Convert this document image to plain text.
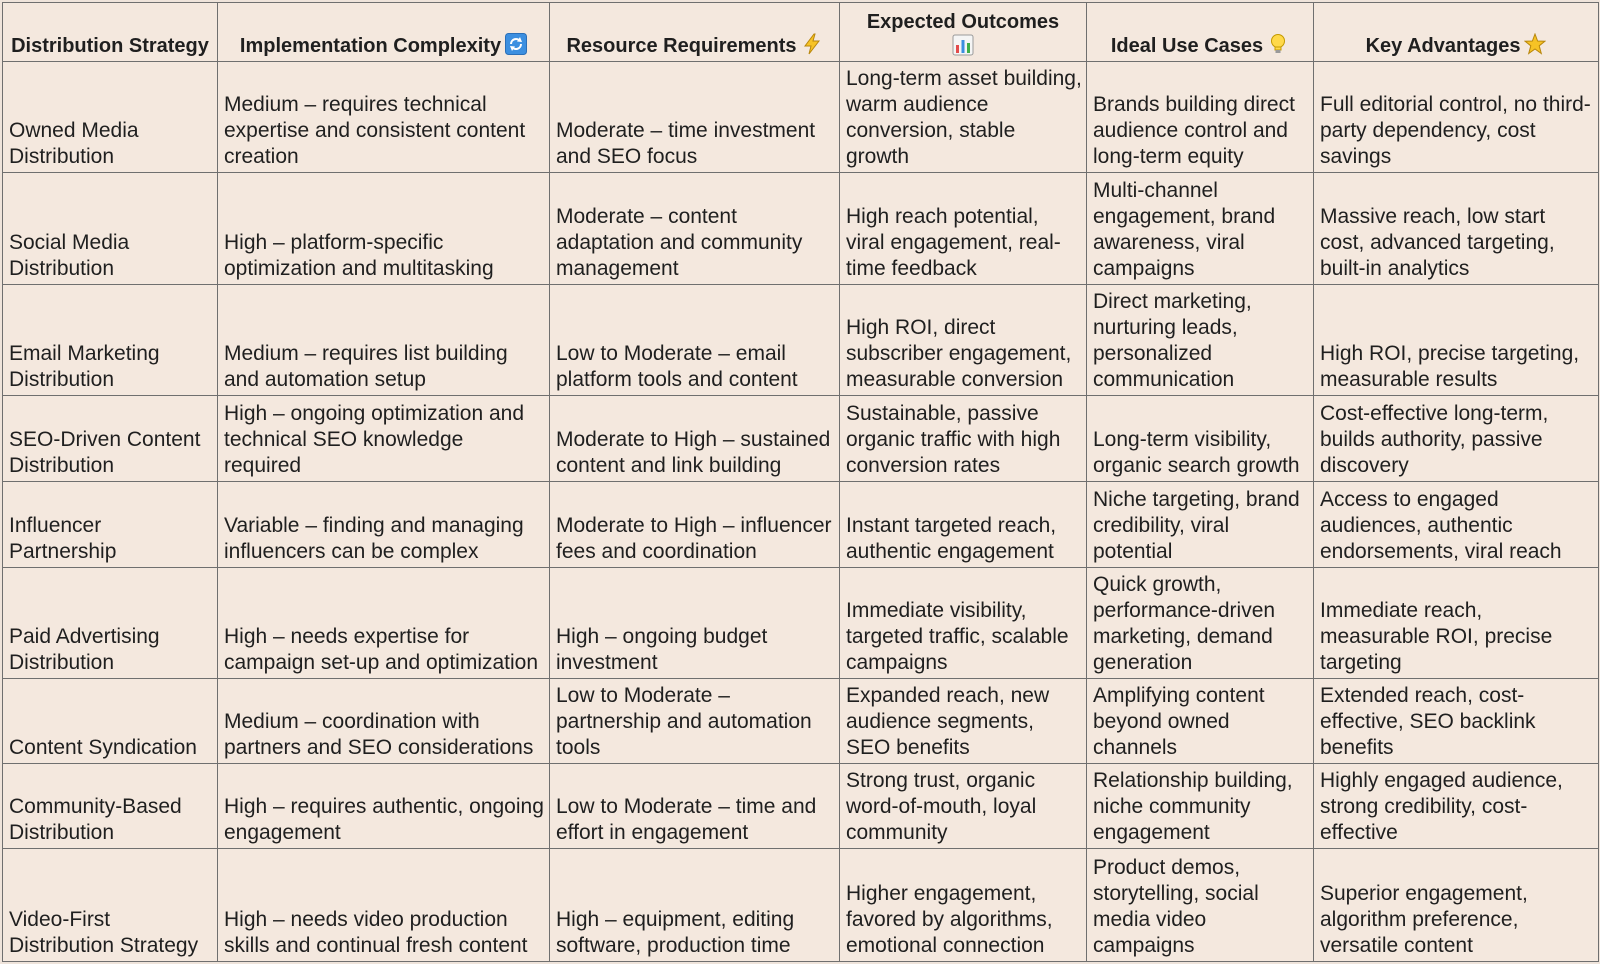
Distribution Strategy	Implementation Complexity	Resource Requirements	Expected Outcomes	Ideal Use Cases	Key Advantages
Owned Media Distribution	Medium – requires technical expertise and consistent content creation	Moderate – time investment and SEO focus	Long-term asset building, warm audience conversion, stable growth	Brands building direct audience control and long-term equity	Full editorial control, no third-party dependency, cost savings
Social Media Distribution	High – platform-specific optimization and multitasking	Moderate – content adaptation and community management	High reach potential, viral engagement, real-time feedback	Multi-channel engagement, brand awareness, viral campaigns	Massive reach, low start cost, advanced targeting, built-in analytics
Email Marketing Distribution	Medium – requires list building and automation setup	Low to Moderate – email platform tools and content	High ROI, direct subscriber engagement, measurable conversion	Direct marketing, nurturing leads, personalized communication	High ROI, precise targeting, measurable results
SEO-Driven Content Distribution	High – ongoing optimization and technical SEO knowledge required	Moderate to High – sustained content and link building	Sustainable, passive organic traffic with high conversion rates	Long-term visibility, organic search growth	Cost-effective long-term, builds authority, passive discovery
Influencer Partnership	Variable – finding and managing influencers can be complex	Moderate to High – influencer fees and coordination	Instant targeted reach, authentic engagement	Niche targeting, brand credibility, viral potential	Access to engaged audiences, authentic endorsements, viral reach
Paid Advertising Distribution	High – needs expertise for campaign set-up and optimization	High – ongoing budget investment	Immediate visibility, targeted traffic, scalable campaigns	Quick growth, performance-driven marketing, demand generation	Immediate reach, measurable ROI, precise targeting
Content Syndication	Medium – coordination with partners and SEO considerations	Low to Moderate – partnership and automation tools	Expanded reach, new audience segments, SEO benefits	Amplifying content beyond owned channels	Extended reach, cost-effective, SEO backlink benefits
Community-Based Distribution	High – requires authentic, ongoing engagement	Low to Moderate – time and effort in engagement	Strong trust, organic word-of-mouth, loyal community	Relationship building, niche community engagement	Highly engaged audience, strong credibility, cost-effective
Video-First Distribution Strategy	High – needs video production skills and continual fresh content	High – equipment, editing software, production time	Higher engagement, favored by algorithms, emotional connection	Product demos, storytelling, social media video campaigns	Superior engagement, algorithm preference, versatile content
